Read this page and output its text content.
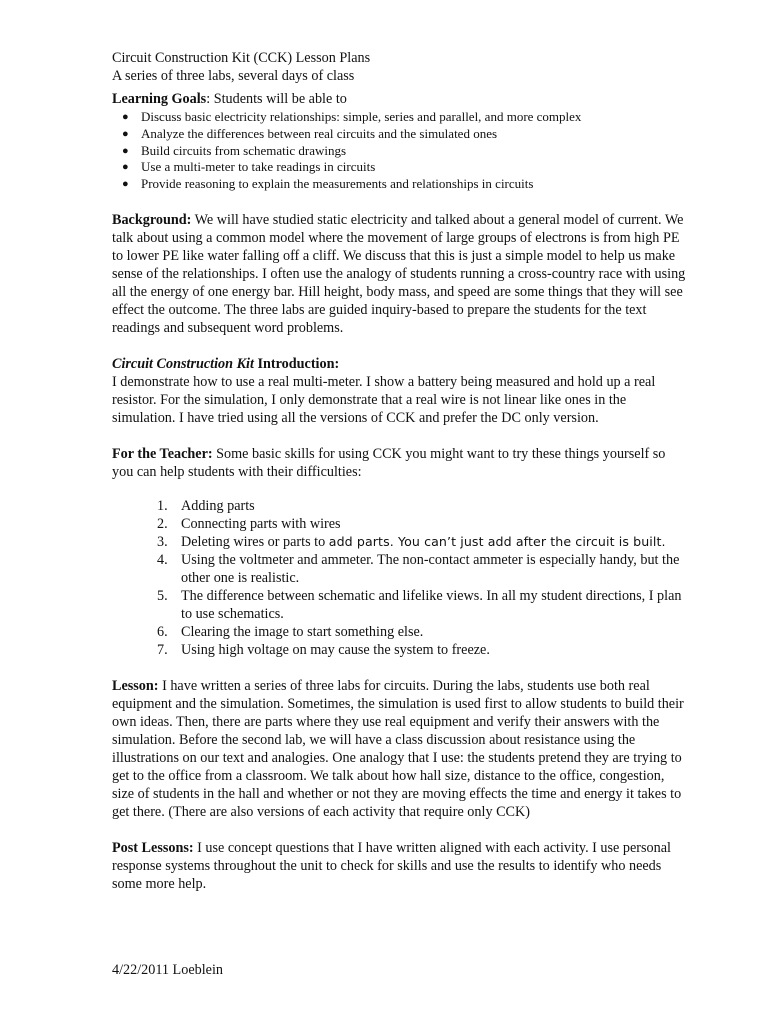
Circuit Construction Kit (CCK) Lesson Plans

A series of three labs, several days of class

Learning Goals: Students will be able to

● Discuss basic electricity relationships: simple, series and parallel, and more complex
● Analyze the differences between real circuits and the simulated ones
● Build circuits from schematic drawings
● Use a multi-meter to take readings in circuits
● Provide reasoning to explain the measurements and relationships in circuits

Background: We will have studied static electricity and talked about a general model of current. We talk about using a common model where the movement of large groups of electrons is from high PE to lower PE like water falling off a cliff. We discuss that this is just a simple model to help us make sense of the relationships. I often use the analogy of students running a cross-country race with using all the energy of one energy bar. Hill height, body mass, and speed are some things that they will see effect the outcome. The three labs are guided inquiry-based to prepare the students for the text readings and subsequent word problems.

Circuit Construction Kit Introduction:

I demonstrate how to use a real multi-meter. I show a battery being measured and hold up a real resistor. For the simulation, I only demonstrate that a real wire is not linear like ones in the simulation. I have tried using all the versions of CCK and prefer the DC only version.

For the Teacher: Some basic skills for using CCK you might want to try these things yourself so you can help students with their difficulties:

1. Adding parts
2. Connecting parts with wires
3. Deleting wires or parts to add parts. You can’t just add after the circuit is built.
4. Using the voltmeter and ammeter. The non-contact ammeter is especially handy, but the other one is realistic.
5. The difference between schematic and lifelike views. In all my student directions, I plan to use schematics.
6. Clearing the image to start something else.
7. Using high voltage on may cause the system to freeze.

Lesson: I have written a series of three labs for circuits. During the labs, students use both real equipment and the simulation. Sometimes, the simulation is used first to allow students to build their own ideas. Then, there are parts where they use real equipment and verify their answers with the simulation. Before the second lab, we will have a class discussion about resistance using the illustrations on our text and analogies. One analogy that I use: the students pretend they are trying to get to the office from a classroom. We talk about how hall size, distance to the office, congestion, size of students in the hall and whether or not they are moving effects the time and energy it takes to get there. (There are also versions of each activity that require only CCK)

Post Lessons: I use concept questions that I have written aligned with each activity. I use personal response systems throughout the unit to check for skills and use the results to identify who needs some more help.

4/22/2011 Loeblein
